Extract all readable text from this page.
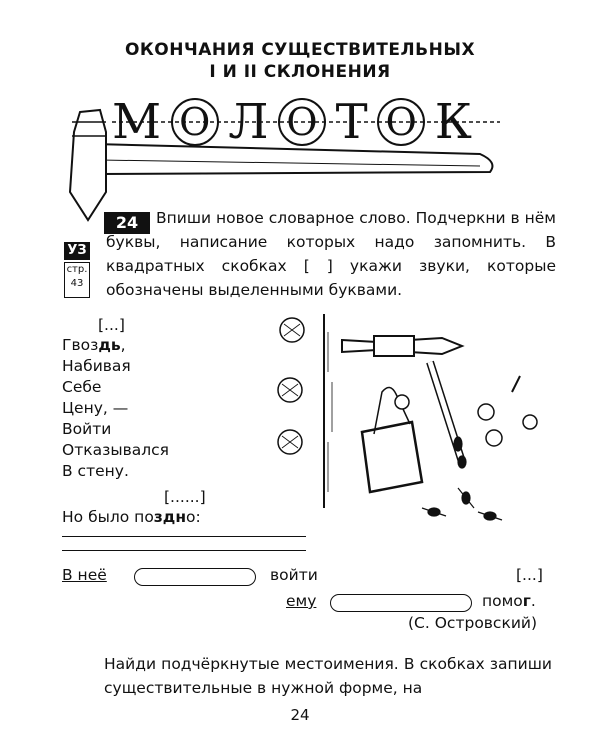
ОКОНЧАНИЯ СУЩЕСТВИТЕЛЬНЫХ
I И II СКЛОНЕНИЯ
М О Л О Т О К
24	Впиши новое словарное слово. Подчеркни в нём буквы, написание которых надо запомнить. В квадратных скобках [ ] укажи звуки, которые обозначены выделенными буквами.
УЗ
стр.
43
[...]
Гвоздь,
Набивая
Себе
Цену, —
Войти
Отказывался
В стену.
[......]
Но было поздно:
В неё	войти	[...]
ему	помог.
(С. Островский)
Найди подчёркнутые местоимения. В скобках запиши существительные в нужной форме, на
24
